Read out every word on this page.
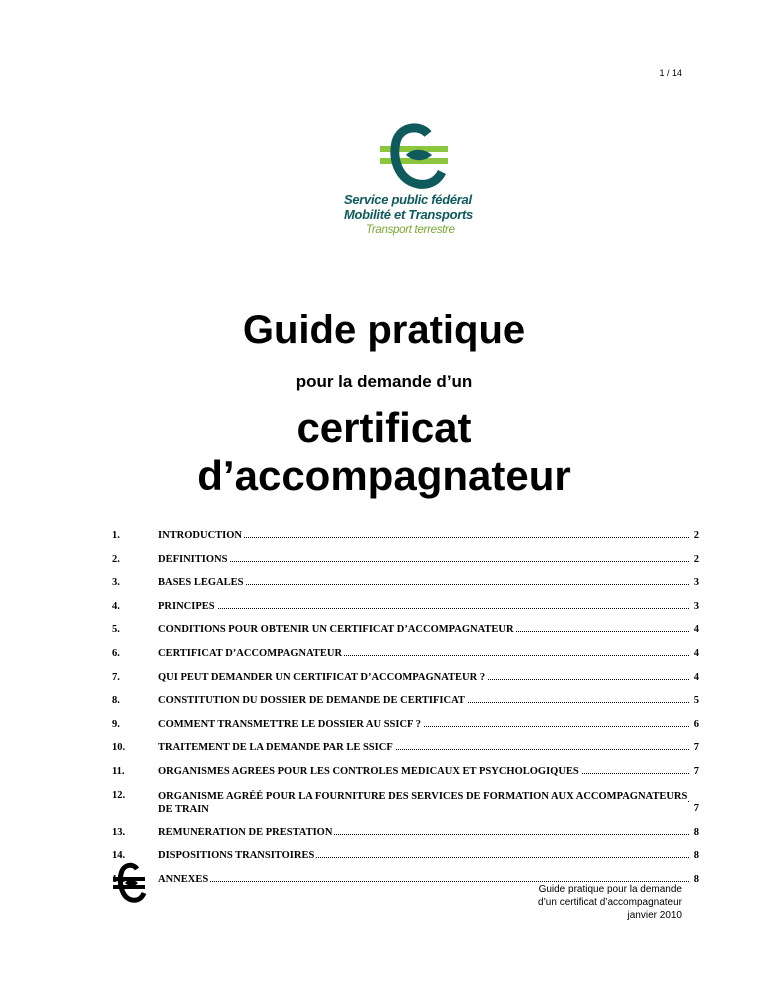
1 / 14
Service public fédéral
Mobilité et Transports
Transport terrestre
Guide pratique
pour la demande d’un
certificat
d’accompagnateur
1.	INTRODUCTION	2
2.	DÉFINITIONS	2
3.	BASES LÉGALES	3
4.	PRINCIPES	3
5.	CONDITIONS POUR OBTENIR UN CERTIFICAT D’ACCOMPAGNATEUR	4
6.	CERTIFICAT D’ACCOMPAGNATEUR	4
7.	QUI PEUT DEMANDER UN CERTIFICAT D’ACCOMPAGNATEUR ?	4
8.	CONSTITUTION DU DOSSIER DE DEMANDE DE CERTIFICAT	5
9.	COMMENT TRANSMETTRE LE DOSSIER AU SSICF ?	6
10.	TRAITEMENT DE LA DEMANDE PAR LE SSICF	7
11.	ORGANISMES AGRÉÉS POUR LES CONTRÔLES MÉDICAUX ET PSYCHOLOGIQUES	7
12.	ORGANISME AGRÉÉ POUR LA FOURNITURE DES SERVICES DE FORMATION AUX ACCOMPAGNATEURS DE TRAIN	7
13.	RÉMUNÉRATION DE PRESTATION	8
14.	DISPOSITIONS TRANSITOIRES	8
ANNEXES	8
Guide pratique pour la demande
d’un certificat d’accompagnateur
janvier 2010
